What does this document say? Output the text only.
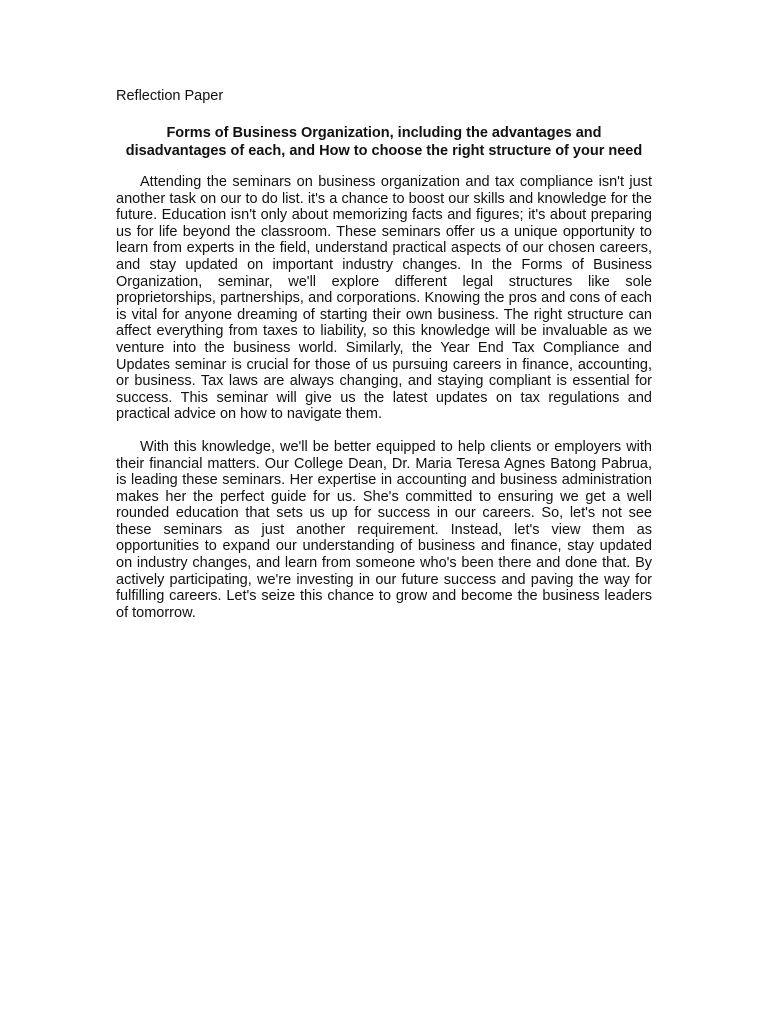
Reflection Paper
Forms of Business Organization, including the advantages and disadvantages of each, and How to choose the right structure of your need

Attending the seminars on business organization and tax compliance isn't just another task on our to do list. it's a chance to boost our skills and knowledge for the future. Education isn't only about memorizing facts and figures; it's about preparing us for life beyond the classroom. These seminars offer us a unique opportunity to learn from experts in the field, understand practical aspects of our chosen careers, and stay updated on important industry changes. In the Forms of Business Organization, seminar, we'll explore different legal structures like sole proprietorships, partnerships, and corporations. Knowing the pros and cons of each is vital for anyone dreaming of starting their own business. The right structure can affect everything from taxes to liability, so this knowledge will be invaluable as we venture into the business world. Similarly, the Year End Tax Compliance and Updates seminar is crucial for those of us pursuing careers in finance, accounting, or business. Tax laws are always changing, and staying compliant is essential for success. This seminar will give us the latest updates on tax regulations and practical advice on how to navigate them.

With this knowledge, we'll be better equipped to help clients or employers with their financial matters. Our College Dean, Dr. Maria Teresa Agnes Batong Pabrua, is leading these seminars. Her expertise in accounting and business administration makes her the perfect guide for us. She's committed to ensuring we get a well rounded education that sets us up for success in our careers. So, let's not see these seminars as just another requirement. Instead, let's view them as opportunities to expand our understanding of business and finance, stay updated on industry changes, and learn from someone who's been there and done that. By actively participating, we're investing in our future success and paving the way for fulfilling careers. Let's seize this chance to grow and become the business leaders of tomorrow.
